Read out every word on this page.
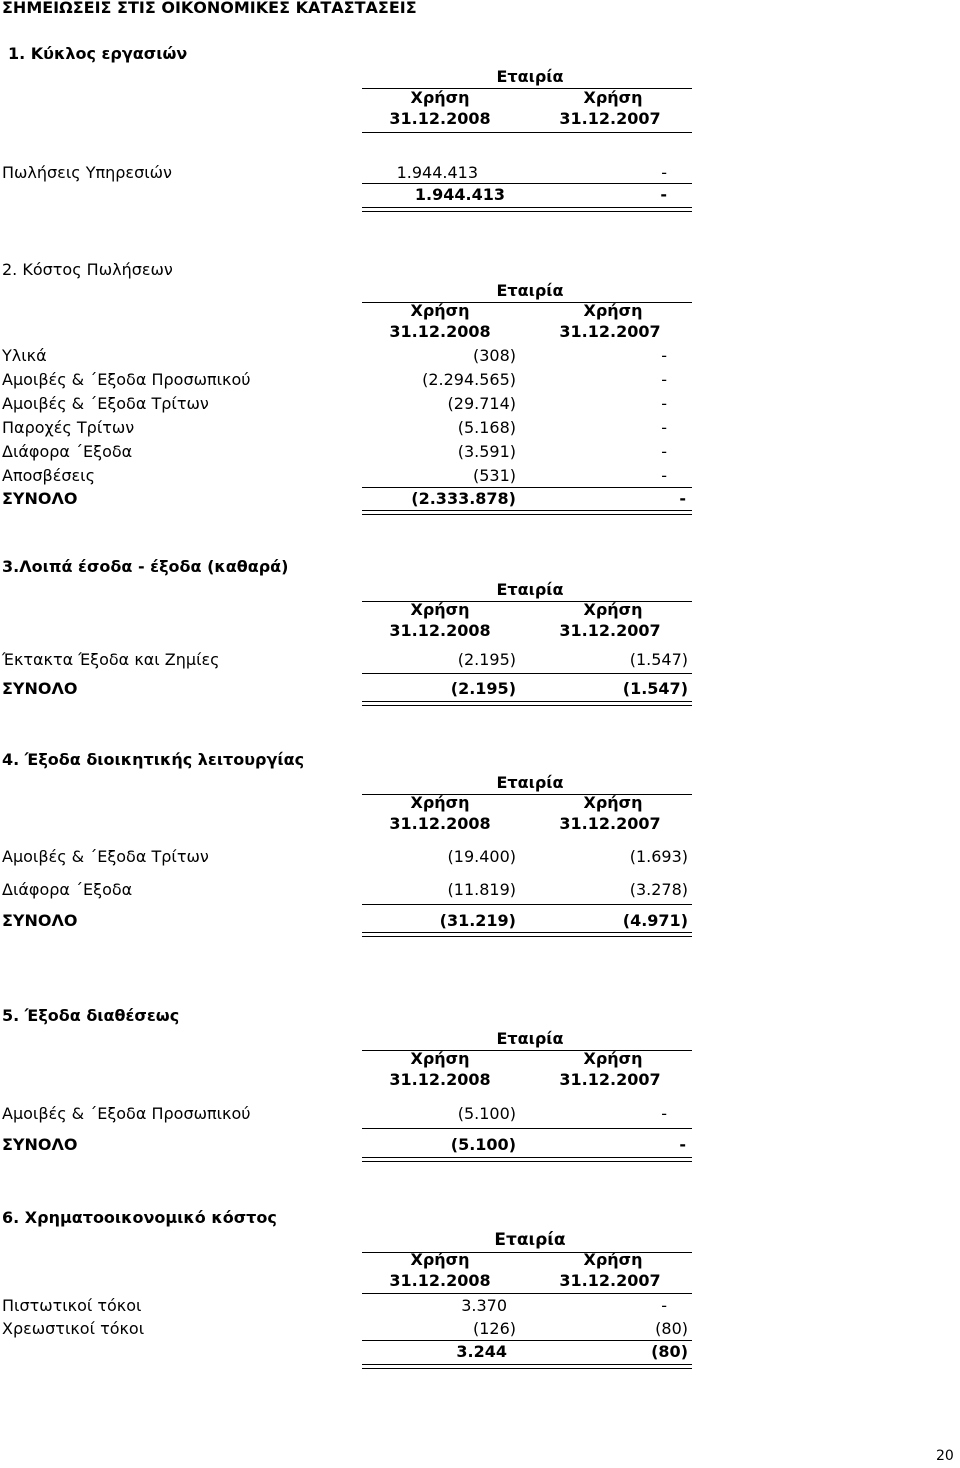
ΣΗΜΕΙΩΣΕΙΣ ΣΤΙΣ ΟΙΚΟΝΟΜΙΚΕΣ ΚΑΤΑΣΤΑΣΕΙΣ
1. Κύκλος εργασιών
Εταιρία
Χρήση	Χρήση
31.12.2008	31.12.2007
Πωλήσεις Υπηρεσιών	1.944.413	-
1.944.413	-
2. Κόστος Πωλήσεων
Εταιρία
Χρήση	Χρήση
31.12.2008	31.12.2007
Υλικά	(308)	-
Αμοιβές & ΄Εξοδα Προσωπικού	(2.294.565)	-
Αμοιβές & ΄Εξοδα Τρίτων	(29.714)	-
Παροχές Τρίτων	(5.168)	-
Διάφορα ΄Εξοδα	(3.591)	-
Αποσβέσεις	(531)	-
ΣΥΝΟΛΟ	(2.333.878)	-
3.Λοιπά έσοδα - έξοδα (καθαρά)
Εταιρία
Χρήση	Χρήση
31.12.2008	31.12.2007
Έκτακτα Έξοδα και Ζημίες	(2.195)	(1.547)
ΣΥΝΟΛΟ	(2.195)	(1.547)
4. Έξοδα διοικητικής λειτουργίας
Εταιρία
Χρήση	Χρήση
31.12.2008	31.12.2007
Αμοιβές & ΄Εξοδα Τρίτων	(19.400)	(1.693)
Διάφορα ΄Εξοδα	(11.819)	(3.278)
ΣΥΝΟΛΟ	(31.219)	(4.971)
5. Έξοδα διαθέσεως
Εταιρία
Χρήση	Χρήση
31.12.2008	31.12.2007
Αμοιβές & ΄Εξοδα Προσωπικού	(5.100)	-
ΣΥΝΟΛΟ	(5.100)	-
6. Χρηματοοικονομικό κόστος
Εταιρία
Χρήση	Χρήση
31.12.2008	31.12.2007
Πιστωτικοί τόκοι	3.370	-
Χρεωστικοί τόκοι	(126)	(80)
3.244	(80)
20
